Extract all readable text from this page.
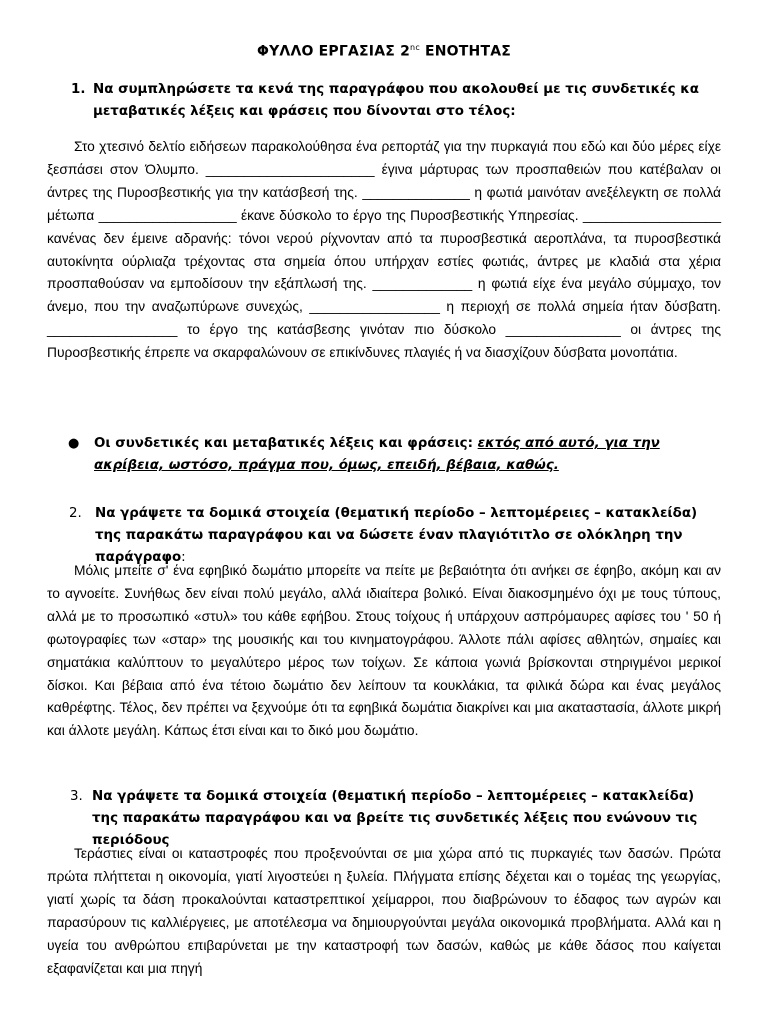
ΦΥΛΛΟ ΕΡΓΑΣΙΑΣ $2^{nc}$ ΕΝΟΤΗΤΑΣ
1. Να συμπληρώσετε τα κενά της παραγράφου που ακολουθεί με τις συνδετικές κα μεταβατικές λέξεις και φράσεις που δίνονται στο τέλος:
Στο χτεσινό δελτίο ειδήσεων παρακολούθησα ένα ρεπορτάζ για την πυρκαγιά που εδώ και δύο μέρες είχε ξεσπάσει στον Όλυμπο. ______________________ έγινα μάρτυρας των προσπαθειών που κατέβαλαν οι άντρες της Πυροσβεστικής για την κατάσβεσή της. ______________ η φωτιά μαινόταν ανεξέλεγκτη σε πολλά μέτωπα __________________ έκανε δύσκολο το έργο της Πυροσβεστικής Υπηρεσίας. __________________ κανένας δεν έμεινε αδρανής: τόνοι νερού ρίχνονταν από τα πυροσβεστικά αεροπλάνα, τα πυροσβεστικά αυτοκίνητα ούρλιαζα τρέχοντας στα σημεία όπου υπήρχαν εστίες φωτιάς, άντρες με κλαδιά στα χέρια προσπαθούσαν να εμποδίσουν την εξάπλωσή της. _____________ η φωτιά είχε ένα μεγάλο σύμμαχο, τον άνεμο, που την αναζωπύρωνε συνεχώς, _________________ η περιοχή σε πολλά σημεία ήταν δύσβατη. _________________ το έργο της κατάσβεσης γινόταν πιο δύσκολο _______________ οι άντρες της Πυροσβεστικής έπρεπε να σκαρφαλώνουν σε επικίνδυνες πλαγιές ή να διασχίζουν δύσβατα μονοπάτια.
● Οι συνδετικές και μεταβατικές λέξεις και φράσεις: εκτός από αυτό, για την ακρίβεια, ωστόσο, πράγμα που, όμως, επειδή, βέβαια, καθώς.
2. Να γράψετε τα δομικά στοιχεία (θεματική περίοδο – λεπτομέρειες – κατακλείδα) της παρακάτω παραγράφου και να δώσετε έναν πλαγιότιτλο σε ολόκληρη την παράγραφο:
Μόλις μπείτε σ' ένα εφηβικό δωμάτιο μπορείτε να πείτε με βεβαιότητα ότι ανήκει σε έφηβο, ακόμη και αν το αγνοείτε. Συνήθως δεν είναι πολύ μεγάλο, αλλά ιδιαίτερα βολικό. Είναι διακοσμημένο όχι με τους τύπους, αλλά με το προσωπικό «στυλ» του κάθε εφήβου. Στους τοίχους ή υπάρχουν ασπρόμαυρες αφίσες του ' 50 ή φωτογραφίες των «σταρ» της μουσικής και του κινηματογράφου. Άλλοτε πάλι αφίσες αθλητών, σημαίες και σηματάκια καλύπτουν το μεγαλύτερο μέρος των τοίχων. Σε κάποια γωνιά βρίσκονται στηριγμένοι μερικοί δίσκοι. Και βέβαια από ένα τέτοιο δωμάτιο δεν λείπουν τα κουκλάκια, τα φιλικά δώρα και ένας μεγάλος καθρέφτης. Τέλος, δεν πρέπει να ξεχνούμε ότι τα εφηβικά δωμάτια διακρίνει και μια ακαταστασία, άλλοτε μικρή και άλλοτε μεγάλη. Κάπως έτσι είναι και το δικό μου δωμάτιο.
3. Να γράψετε τα δομικά στοιχεία (θεματική περίοδο – λεπτομέρειες – κατακλείδα) της παρακάτω παραγράφου και να βρείτε τις συνδετικές λέξεις που ενώνουν τις περιόδους
Τεράστιες είναι οι καταστροφές που προξενούνται σε μια χώρα από τις πυρκαγιές των δασών. Πρώτα πρώτα πλήττεται η οικονομία, γιατί λιγοστεύει η ξυλεία. Πλήγματα επίσης δέχεται και ο τομέας της γεωργίας, γιατί χωρίς τα δάση προκαλούνται καταστρεπτικοί χείμαρροι, που διαβρώνουν το έδαφος των αγρών και παρασύρουν τις καλλιέργειες, με αποτέλεσμα να δημιουργούνται μεγάλα οικονομικά προβλήματα. Αλλά και η υγεία του ανθρώπου επιβαρύνεται με την καταστροφή των δασών, καθώς με κάθε δάσος που καίγεται εξαφανίζεται και μια πηγή
